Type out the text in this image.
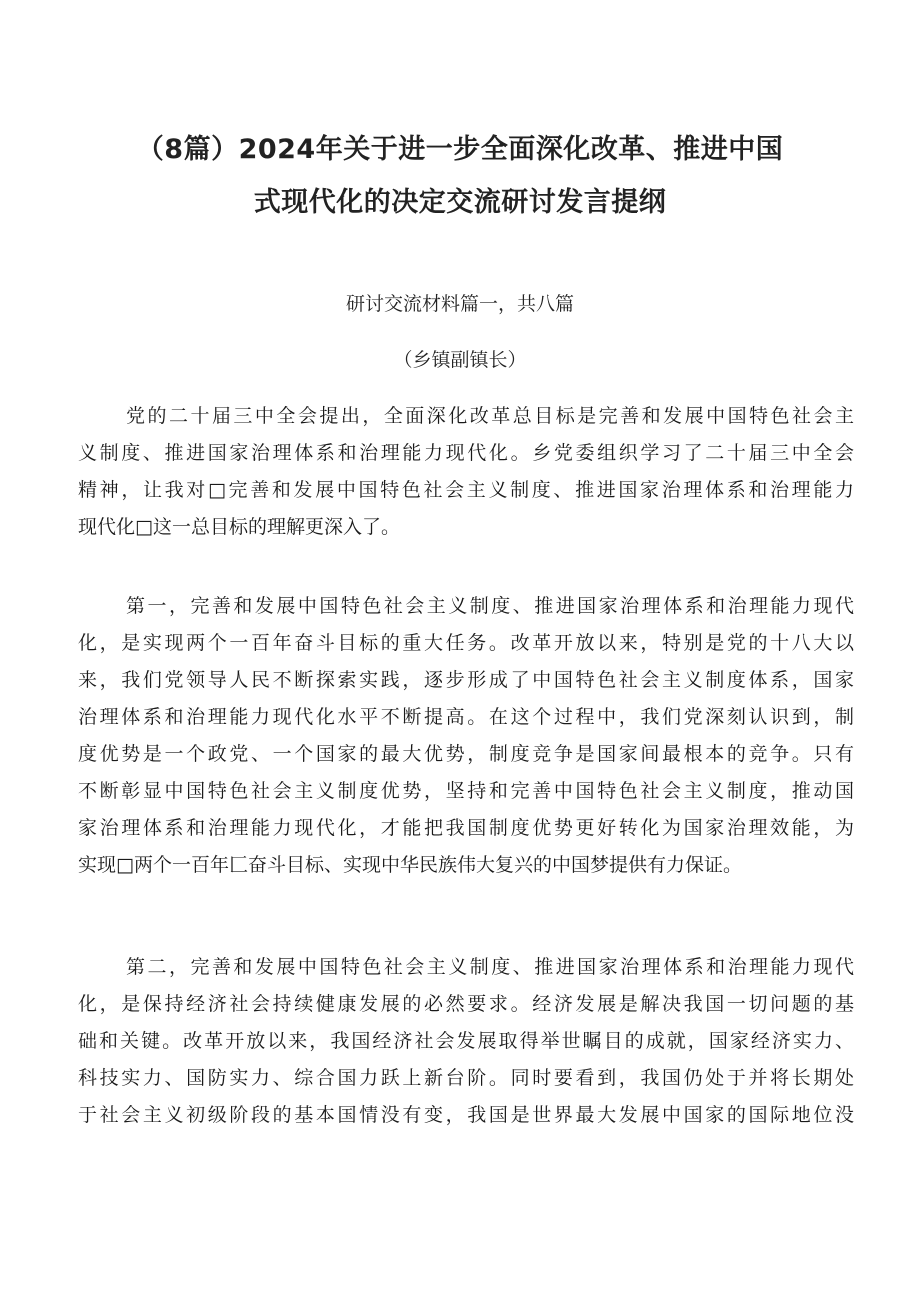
（8篇）2024年关于进一步全面深化改革、推进中国
式现代化的决定交流研讨发言提纲
研讨交流材料篇一，共八篇
（乡镇副镇长）
党的二十届三中全会提出，全面深化改革总目标是完善和发展中国特色社会主
义制度、推进国家治理体系和治理能力现代化。乡党委组织学习了二十届三中全会
精神，让我对□完善和发展中国特色社会主义制度、推进国家治理体系和治理能力
现代化□这一总目标的理解更深入了。
第一，完善和发展中国特色社会主义制度、推进国家治理体系和治理能力现代
化，是实现两个一百年奋斗目标的重大任务。改革开放以来，特别是党的十八大以
来，我们党领导人民不断探索实践，逐步形成了中国特色社会主义制度体系，国家
治理体系和治理能力现代化水平不断提高。在这个过程中，我们党深刻认识到，制
度优势是一个政党、一个国家的最大优势，制度竞争是国家间最根本的竞争。只有
不断彰显中国特色社会主义制度优势，坚持和完善中国特色社会主义制度，推动国
家治理体系和治理能力现代化，才能把我国制度优势更好转化为国家治理效能，为
实现□两个一百年匚奋斗目标、实现中华民族伟大复兴的中国梦提供有力保证。
第二，完善和发展中国特色社会主义制度、推进国家治理体系和治理能力现代
化，是保持经济社会持续健康发展的必然要求。经济发展是解决我国一切问题的基
础和关键。改革开放以来，我国经济社会发展取得举世瞩目的成就，国家经济实力、
科技实力、国防实力、综合国力跃上新台阶。同时要看到，我国仍处于并将长期处
于社会主义初级阶段的基本国情没有变，我国是世界最大发展中国家的国际地位没
